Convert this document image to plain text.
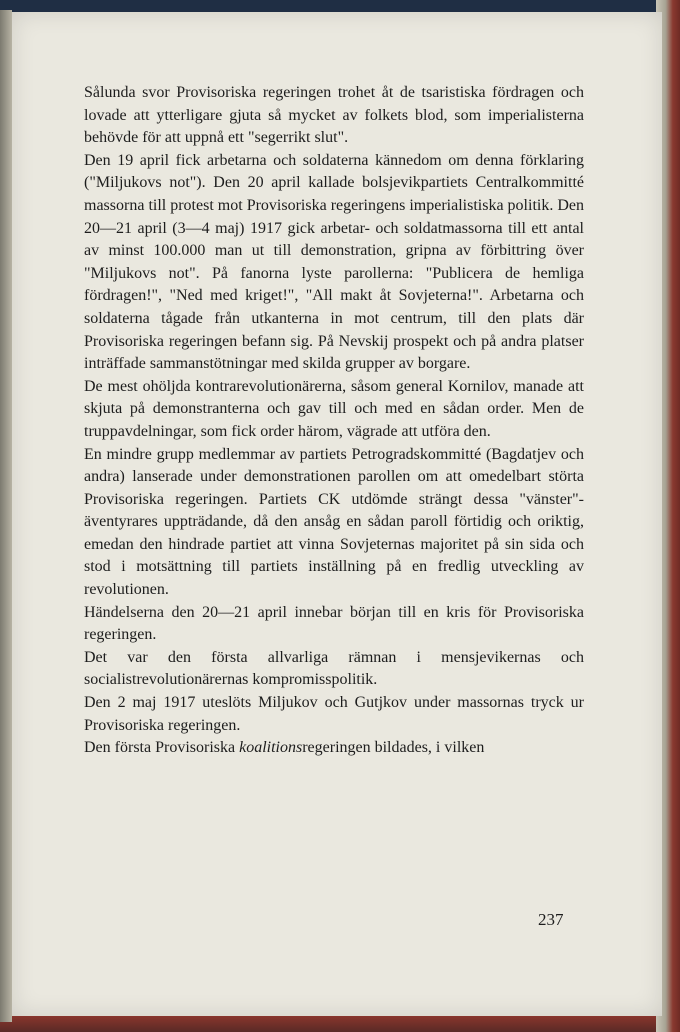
Sålunda svor Provisoriska regeringen trohet åt de tsaristiska fördragen och lovade att ytterligare gjuta så mycket av folkets blod, som imperialisterna behövde för att uppnå ett "segerrikt slut".

Den 19 april fick arbetarna och soldaterna kännedom om denna förklaring ("Miljukovs not"). Den 20 april kallade bolsjevikpartiets Centralkommitté massorna till protest mot Provisoriska regeringens imperialistiska politik. Den 20—21 april (3—4 maj) 1917 gick arbetar- och soldatmassorna till ett antal av minst 100.000 man ut till demonstration, gripna av förbittring över "Miljukovs not". På fanorna lyste parollerna: "Publicera de hemliga fördragen!", "Ned med kriget!", "All makt åt Sovjeterna!". Arbetarna och soldaterna tågade från utkanterna in mot centrum, till den plats där Provisoriska regeringen befann sig. På Nevskij prospekt och på andra platser inträffade sammanstötningar med skilda grupper av borgare.

De mest ohöljda kontrarevolutionärerna, såsom general Kornilov, manade att skjuta på demonstranterna och gav till och med en sådan order. Men de truppavdelningar, som fick order härom, vägrade att utföra den.

En mindre grupp medlemmar av partiets Petrogradskommitté (Bagdatjev och andra) lanserade under demonstrationen parollen om att omedelbart störta Provisoriska regeringen. Partiets CK utdömde strängt dessa "vänster"-äventyrares uppträdande, då den ansåg en sådan paroll förtidig och oriktig, emedan den hindrade partiet att vinna Sovjeternas majoritet på sin sida och stod i motsättning till partiets inställning på en fredlig utveckling av revolutionen.

Händelserna den 20—21 april innebar början till en kris för Provisoriska regeringen.

Det var den första allvarliga rämnan i mensjevikernas och socialistrevolutionärernas kompromisspolitik.

Den 2 maj 1917 uteslöts Miljukov och Gutjkov under massornas tryck ur Provisoriska regeringen.

Den första Provisoriska koalitionsregeringen bildades, i vilken

237
